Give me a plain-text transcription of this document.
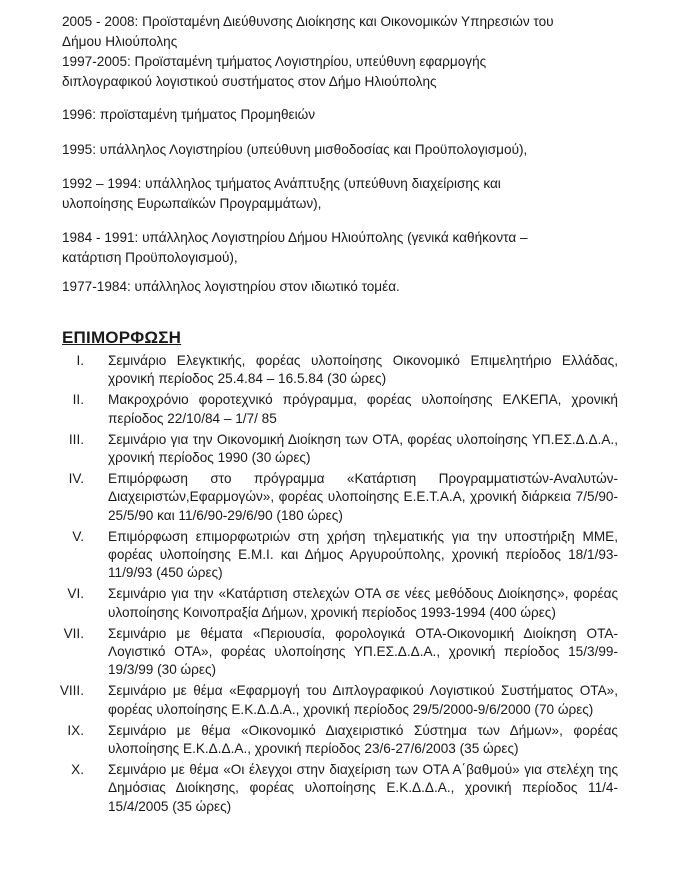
2005 - 2008: Προϊσταμένη Διεύθυνσης Διοίκησης και Οικονομικών Υπηρεσιών του
Δήμου Ηλιούπολης
1997-2005: Προϊσταμένη τμήματος Λογιστηρίου, υπεύθυνη εφαρμογής
διπλογραφικού λογιστικού συστήματος στον Δήμο Ηλιούπολης
1996: προϊσταμένη τμήματος Προμηθειών
1995: υπάλληλος Λογιστηρίου (υπεύθυνη μισθοδοσίας και Προϋπολογισμού),
1992 – 1994: υπάλληλος τμήματος Ανάπτυξης (υπεύθυνη διαχείρισης και
υλοποίησης Ευρωπαϊκών Προγραμμάτων),
1984 - 1991: υπάλληλος Λογιστηρίου Δήμου Ηλιούπολης (γενικά καθήκοντα –
κατάρτιση Προϋπολογισμού),
1977-1984: υπάλληλος λογιστηρίου στον ιδιωτικό τομέα.
ΕΠΙΜΟΡΦΩΣΗ
I. Σεμινάριο Ελεγκτικής, φορέας υλοποίησης Οικονομικό Επιμελητήριο Ελλάδας, χρονική περίοδος 25.4.84 – 16.5.84 (30 ώρες)
II. Μακροχρόνιο φοροτεχνικό πρόγραμμα, φορέας υλοποίησης ΕΛΚΕΠΑ, χρονική περίοδος 22/10/84 – 1/7/ 85
III. Σεμινάριο για την Οικονομική Διοίκηση των ΟΤΑ, φορέας υλοποίησης ΥΠ.ΕΣ.Δ.Δ.Α., χρονική περίοδος 1990 (30 ώρες)
IV. Επιμόρφωση στο πρόγραμμα «Κατάρτιση Προγραμματιστών-Αναλυτών-Διαχειριστών,Εφαρμογών», φορέας υλοποίησης Ε.Ε.Τ.Α.Α, χρονική διάρκεια 7/5/90-25/5/90 και 11/6/90-29/6/90 (180 ώρες)
V. Επιμόρφωση επιμορφωτριών στη χρήση τηλεματικής για την υποστήριξη ΜΜΕ, φορέας υλοποίησης Ε.Μ.Ι. και Δήμος Αργυρούπολης, χρονική περίοδος 18/1/93-11/9/93 (450 ώρες)
VI. Σεμινάριο για την «Κατάρτιση στελεχών ΟΤΑ σε νέες μεθόδους Διοίκησης», φορέας υλοποίησης Κοινοπραξία Δήμων, χρονική περίοδος 1993-1994 (400 ώρες)
VII. Σεμινάριο με θέματα «Περιουσία, φορολογικά ΟΤΑ-Οικονομική Διοίκηση ΟΤΑ-Λογιστικό ΟΤΑ», φορέας υλοποίησης ΥΠ.ΕΣ.Δ.Δ.Α., χρονική περίοδος 15/3/99-19/3/99 (30 ώρες)
VIII. Σεμινάριο με θέμα «Εφαρμογή του Διπλογραφικού Λογιστικού Συστήματος ΟΤΑ», φορέας υλοποίησης Ε.Κ.Δ.Δ.Α., χρονική περίοδος 29/5/2000-9/6/2000 (70 ώρες)
IX. Σεμινάριο με θέμα «Οικονομικό Διαχειριστικό Σύστημα των Δήμων», φορέας υλοποίησης Ε.Κ.Δ.Δ.Α., χρονική περίοδος 23/6-27/6/2003 (35 ώρες)
X. Σεμινάριο με θέμα «Οι έλεγχοι στην διαχείριση των ΟΤΑ Α΄βαθμού» για στελέχη της Δημόσιας Διοίκησης, φορέας υλοποίησης Ε.Κ.Δ.Δ.Α., χρονική περίοδος 11/4-15/4/2005 (35 ώρες)
